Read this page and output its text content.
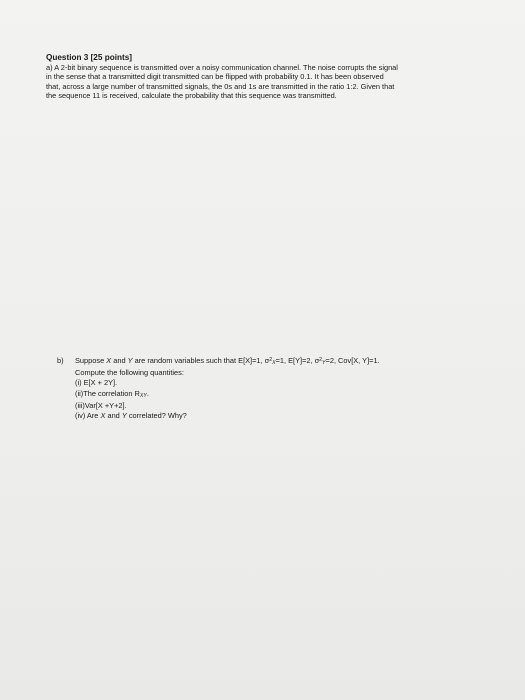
Question 3 [25 points]
a) A 2-bit binary sequence is transmitted over a noisy communication channel. The noise corrupts the signal
in the sense that a transmitted digit transmitted can be flipped with probability 0.1. It has been observed
that, across a large number of transmitted signals, the 0s and 1s are transmitted in the ratio 1:2. Given that
the sequence 11 is received, calculate the probability that this sequence was transmitted.
b) Suppose X and Y are random variables such that E[X]=1, $\sigma^2X=1$, E[Y]=2, $\sigma^2Y=2$, Cov[X, Y]=1.
Compute the following quantities:
(i) E[X + 2Y].
(ii)The correlation RXY.
(iii)Var[X +Y+2].
(iv) Are X and Y correlated? Why?
